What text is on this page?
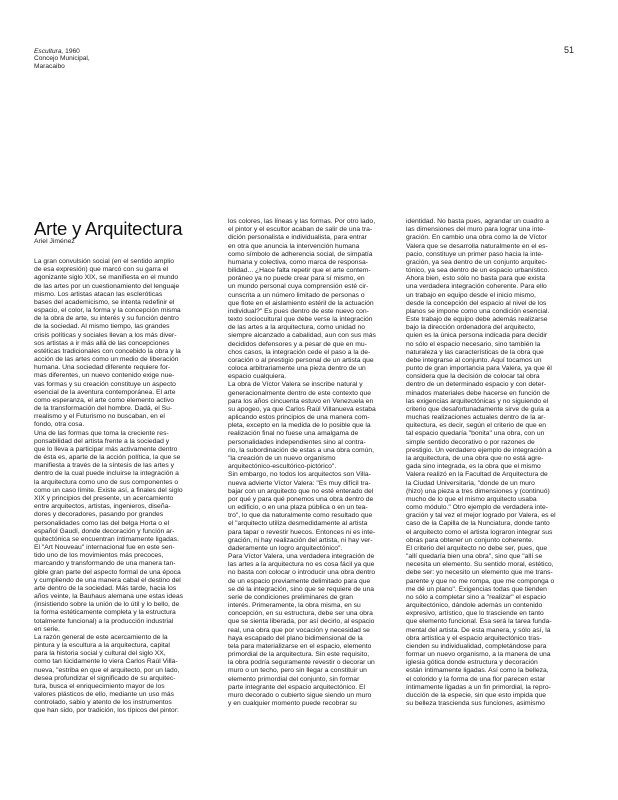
Escultura, 1960
Concejo Municipal,
Maracaibo
51
Arte y Arquitectura
Ariel Jiménez
La gran convulsión social (en el sentido amplio
de esa expresión) que marcó con su garra el
agonizante siglo XIX, se manifiesta en el mundo
de las artes por un cuestionamiento del lenguaje
mismo. Los artistas atacan las escleróticas
bases del academicismo, se intenta redefinir el
espacio, el color, la forma y la concepción misma
de la obra de arte, su interés y su función dentro
de la sociedad. Al mismo tiempo, las grandes
crisis políticas y sociales llevan a los más diver-
sos artistas a ir más allá de las concepciones
estéticas tradicionales con concebido la obra y la
acción de las artes como un medio de liberación
humana. Una sociedad diferente requiere for-
mas diferentes, un nuevo contenido exige nue-
vas formas y su creación constituye un aspecto
esencial de la aventura contemporánea. El arte
como esperanza, el arte como elemento activo
de la transformación del hombre. Dadá, el Su-
rrealismo y el Futurismo no buscaban, en el
fondo, otra cosa.
Una de las formas que toma la creciente res-
ponsabilidad del artista frente a la sociedad y
que lo lleva a participar más activamente dentro
de ésta es, aparte de la acción política, la que se
manifiesta a través de la síntesis de las artes y
dentro de la cual puede incluirse la integración a
la arquitectura como uno de sus componentes o
como un caso límite. Existe así, a finales del siglo
XIX y principios del presente, un acercamiento
entre arquitectos, artistas, ingenieros, diseña-
dores y decoradores, pasando por grandes
personalidades como las del belga Horta o el
español Gaudí, donde decoración y función ar-
quitectónica se encuentran íntimamente ligadas.
El "Art Nouveau" internacional fue en este sen-
tido uno de los movimientos más precoces,
marcando y transformando de una manera tan-
gible gran parte del aspecto formal de una época
y cumpliendo de una manera cabal el destino del
arte dentro de la sociedad. Más tarde, hacia los
años veinte, la Bauhaus alemana une estas ideas
(insistiendo sobre la unión de lo útil y lo bello, de
la forma estéticamente completa y la estructura
totalmente funcional) a la producción industrial
en serie.
La razón general de este acercamiento de la
pintura y la escultura a la arquitectura, capital
para la historia social y cultural del siglo XX,
como tan lúcidamente lo viera Carlos Raúl Villa-
nueva, "estriba en que el arquitecto, por un lado,
desea profundizar el significado de su arquitec-
tura, busca el enriquecimiento mayor de los
valores plásticos de ello, mediante un uso más
controlado, sabio y atento de los instrumentos
que han sido, por tradición, los típicos del pintor:
los colores, las líneas y las formas. Por otro lado,
el pintor y el escultor acaban de salir de una tra-
dición personalista e individualista, para entrar
en otra que anuncia la intervención humana
como símbolo de adherencia social, de simpatía
humana y colectiva, como marca de responsa-
bilidad... ¿Hace falta repetir que el arte contem-
poráneo ya no puede crear para sí mismo, en
un mundo personal cuya comprensión esté cir-
cunscrita a un número limitado de personas o
que flote en el aislamiento estéril de la actuación
individual?" Es pues dentro de este nuevo con-
texto sociocultural que debe verse la integración
de las artes a la arquitectura, como unidad no
siempre alcanzado a cabalidad, aun con sus más
decididos defensores y a pesar de que en mu-
chos casos, la integración cede el paso a la de-
coración o al prestigio personal de un artista que
coloca arbitrariamente una pieza dentro de un
espacio cualquiera.
La obra de Víctor Valera se inscribe natural y
generacionalmente dentro de este contexto que
para los años cincuenta estuvo en Venezuela en
su apogeo, ya que Carlos Raúl Villanueva estaba
aplicando estos principios de una manera com-
pleta, excepto en la medida de lo posible que la
realización final no fuese una amalgama de
personalidades independientes sino al contra-
rio, la subordinación de estas a una obra común,
"la creación de un nuevo organismo
arquitectónico-escultórico-pictórico".
Sin embargo, no todos los arquitectos son Villa-
nueva advierte Víctor Valera: "Es muy difícil tra-
bajar con un arquitecto que no esté enterado del
por qué y para qué ponemos una obra dentro de
un edificio, o en una plaza pública o en un tea-
tro", lo que da naturalmente como resultado que
el "arquitecto utiliza desmedidamente al artista
para tapar o revestir huecos. Entonces ni es inte-
gración, ni hay realización del artista, ni hay ver-
daderamente un logro arquitectónico".
Para Víctor Valera, una verdadera integración de
las artes a la arquitectura no es cosa fácil ya que
no basta con colocar o introducir una obra dentro
de un espacio previamente delimitado para que
se dé la integración, sino que se requiere de una
serie de condiciones preliminares de gran
interés. Primeramente, la obra misma, en su
concepción, en su estructura, debe ser una obra
que se sienta liberada, por así decirlo, al espacio
real, una obra que por vocación y necesidad se
haya escapado del plano bidimensional de la
tela para materializarse en el espacio, elemento
primordial de la arquitectura. Sin este requisito,
la obra podría seguramente revestir o decorar un
muro o un techo, pero sin llegar a constituir un
elemento primordial del conjunto, sin formar
parte integrante del espacio arquitectónico. El
muro decorado o cubierto sigue siendo un muro
y en cualquier momento puede recobrar su
identidad. No basta pues, agrandar un cuadro a
las dimensiones del muro para lograr una inte-
gración. En cambio una obra como la de Víctor
Valera que se desarrolla naturalmente en el es-
pacio, constituye un primer paso hacia la inte-
gración, ya sea dentro de un conjunto arquitec-
tónico, ya sea dentro de un espacio urbanístico.
Ahora bien, esto sólo no basta para que exista
una verdadera integración coherente. Para ello
un trabajo en equipo desde el inicio mismo,
desde la concepción del espacio al nivel de los
planos se impone como una condición esencial.
Este trabajo de equipo debe además realizarse
bajo la dirección ordenadora del arquitecto,
quien es la única persona indicada para decidir
no sólo el espacio necesario, sino también la
naturaleza y las características de la obra que
debe integrarse al conjunto. Aquí tocamos un
punto de gran importancia para Valera, ya que él
considera que la decisión de colocar tal obra
dentro de un determinado espacio y con deter-
minados materiales debe hacerse en función de
las exigencias arquitectónicas y no siguiendo el
criterio que desafortunadamente sirve de guía a
muchas realizaciones actuales dentro de la ar-
quitectura, es decir, según el criterio de que en
tal espacio quedaría "bonita" una obra, con un
simple sentido decorativo o por razones de
prestigio. Un verdadero ejemplo de integración a
la arquitectura, de una obra que no está agre-
gada sino integrada, es la obra que el mismo
Valera realizó en la Facultad de Arquitectura de
la Ciudad Universitaria, "donde de un muro
(hizo) una pieza a tres dimensiones y (continuó)
mucho de lo que el mismo arquitecto usaba
como módulo." Otro ejemplo de verdadera inte-
gración y tal vez el mejor logrado por Valera, es el
caso de la Capilla de la Nunciatura, donde tanto
el arquitecto como el artista lograron integrar sus
obras para obtener un conjunto coherente.
El criterio del arquitecto no debe ser, pues, que
"allí quedaría bien una obra", sino que "allí se
necesita un elemento. Su sentido moral, estético,
debe ser: yo necesito un elemento que me trans-
parente y que no me rompa, que me componga o
me dé un plano". Exigencias todas que tienden
no sólo a completar sino a "realizar" el espacio
arquitectónico, dándole además un contenido
expresivo, artístico, que lo trasciende en tanto
que elemento funcional. Esa será la tarea funda-
mental del artista. De esta manera, y sólo así, la
obra artística y el espacio arquitectónico tras-
cienden su individualidad, completándose para
formar un nuevo organismo, a la manera de una
iglesia gótica donde estructura y decoración
están íntimamente ligadas. Así como la belleza,
el colorido y la forma de una flor parecen estar
íntimamente ligadas a un fin primordial, la repro-
ducción de la especie, sin que esto impida que
su belleza trascienda sus funciones, asimismo
